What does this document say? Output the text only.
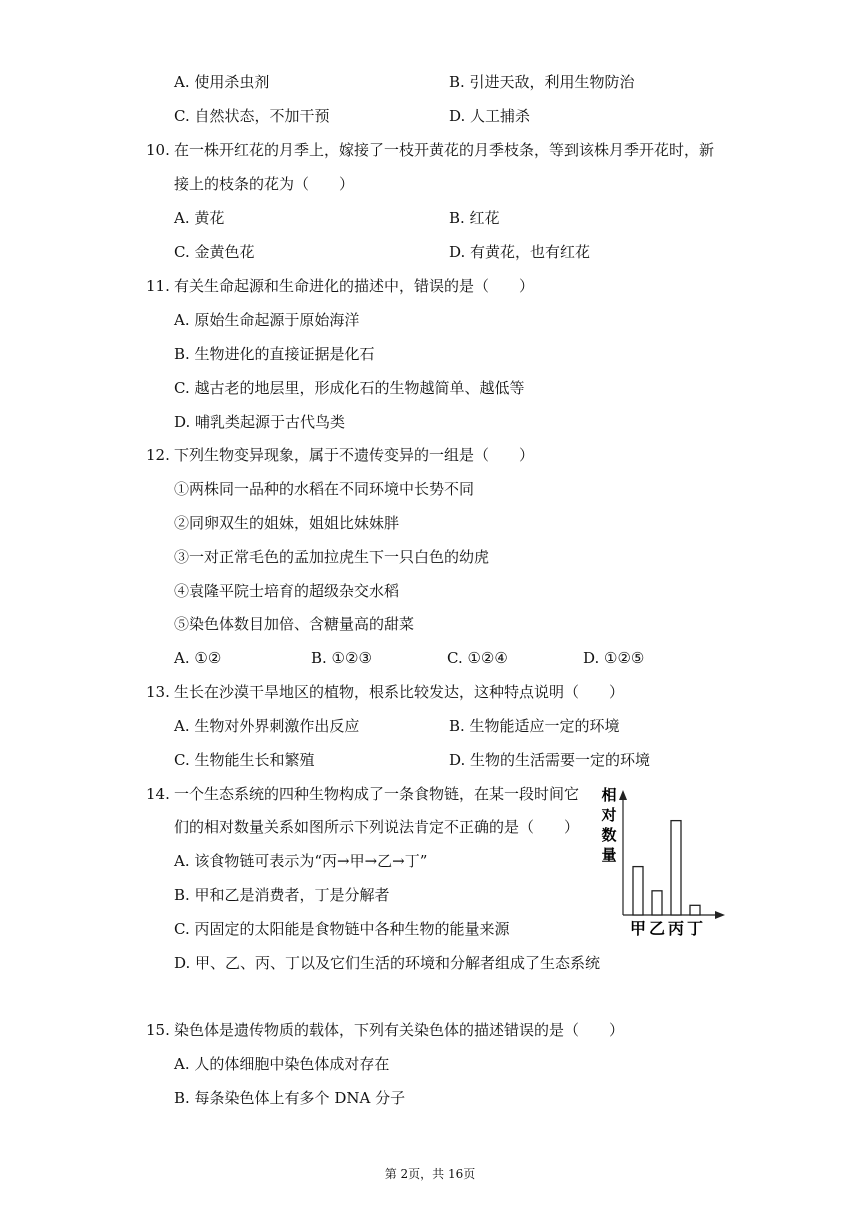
A. 使用杀虫剂	B. 引进天敌，利用生物防治
C. 自然状态，不加干预	D. 人工捕杀
10. 在一株开红花的月季上，嫁接了一枝开黄花的月季枝条，等到该株月季开花时，新
接上的枝条的花为（　　）
A. 黄花	B. 红花
C. 金黄色花	D. 有黄花，也有红花
11. 有关生命起源和生命进化的描述中，错误的是（　　）
A. 原始生命起源于原始海洋
B. 生物进化的直接证据是化石
C. 越古老的地层里，形成化石的生物越简单、越低等
D. 哺乳类起源于古代鸟类
12. 下列生物变异现象，属于不遗传变异的一组是（　　）
①两株同一品种的水稻在不同环境中长势不同
②同卵双生的姐妹，姐姐比妹妹胖
③一对正常毛色的孟加拉虎生下一只白色的幼虎
④袁隆平院士培育的超级杂交水稻
⑤染色体数目加倍、含糖量高的甜菜
A. ①②	B. ①②③	C. ①②④	D. ①②⑤
13. 生长在沙漠干旱地区的植物，根系比较发达，这种特点说明（　　）
A. 生物对外界刺激作出反应	B. 生物能适应一定的环境
C. 生物能生长和繁殖	D. 生物的生活需要一定的环境
14. 一个生态系统的四种生物构成了一条食物链，在某一段时间它
们的相对数量关系如图所示下列说法肯定不正确的是（　　）
A. 该食物链可表示为“丙→甲→乙→丁”
B. 甲和乙是消费者，丁是分解者
C. 丙固定的太阳能是食物链中各种生物的能量来源
D. 甲、乙、丙、丁以及它们生活的环境和分解者组成了生态系统
相
对
数
量
甲 乙 丙 丁
15. 染色体是遗传物质的载体，下列有关染色体的描述错误的是（　　）
A. 人的体细胞中染色体成对存在
B. 每条染色体上有多个 DNA 分子
第 2页，共 16页
